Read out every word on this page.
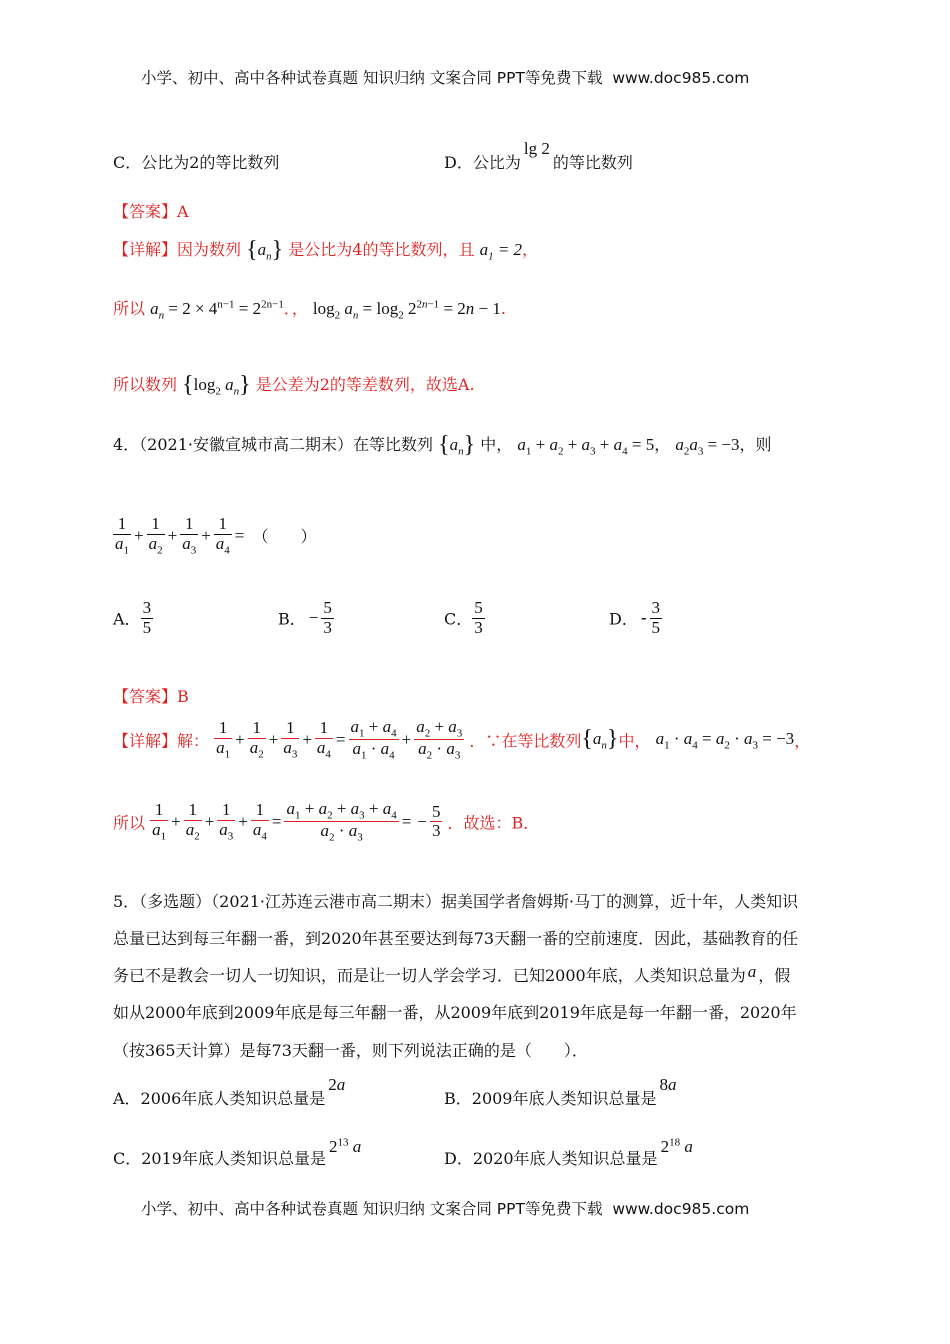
小学、初中、高中各种试卷真题 知识归纳 文案合同 PPT等免费下载 www.doc985.com
C．公比为2的等比数列	D．公比为lg 2的等比数列
【答案】A
【详解】因为数列 $\{a_n\}$ 是公比为4的等比数列，且 $a_1 = 2$，
所以 $a_n = 2 \times 4^{n-1} = 2^{2n-1}$．， $\log_2 a_n = \log_2 2^{2n-1} = 2n - 1$.
所以数列 {$\log_2$ $a_n$} 是公差为2的等差数列，故选A.
4．（2021·安徽宣城市高二期末）在等比数列 $\{a_n\}$ 中， $a_1 + a_2 + a_3 + a_4 = 5$， $a_2a_3 = -3$，则
$\frac{1}{a_1} + \frac{1}{a_2} + \frac{1}{a_3} + \frac{1}{a_4}$ = （　　）
A． $\frac{3}{5}$	B． − $\frac{5}{3}$	C． $\frac{5}{3}$	D． - $\frac{3}{5}$
【答案】B
【详解】解： $\frac{1}{a_1} + \frac{1}{a_2} + \frac{1}{a_3} + \frac{1}{a_4} = \frac{a_1 + a_4}{a_1 \cdot a_4} + \frac{a_2 + a_3}{a_2 \cdot a_3}$ ．∵在等比数列$\{a_n\}$中， $a_1 \cdot a_4 = a_2 \cdot a_3 = -3$，
所以 $\frac{1}{a_1} + \frac{1}{a_2} + \frac{1}{a_3} + \frac{1}{a_4} = \frac{a_1 + a_2 + a_3 + a_4}{a_2 \cdot a_3}$ = − $\frac{5}{3}$ ．故选：B．
5．（多选题）（2021·江苏连云港市高二期末）据美国学者詹姆斯·马丁的测算，近十年，人类知识
总量已达到每三年翻一番，到2020年甚至要达到每73天翻一番的空前速度．因此，基础教育的任
务已不是教会一切人一切知识，而是让一切人学会学习．已知2000年底，人类知识总量为 a ，假
如从2000年底到2009年底是每三年翻一番，从2009年底到2019年底是每一年翻一番，2020年
（按365天计算）是每73天翻一番，则下列说法正确的是（　　）．
A．2006年底人类知识总量是2a
B．2009年底人类知识总量是8a
C．2019年底人类知识总量是$2^{13}$ a
D．2020年底人类知识总量是$2^{18}$ a
小学、初中、高中各种试卷真题 知识归纳 文案合同 PPT等免费下载 www.doc985.com
